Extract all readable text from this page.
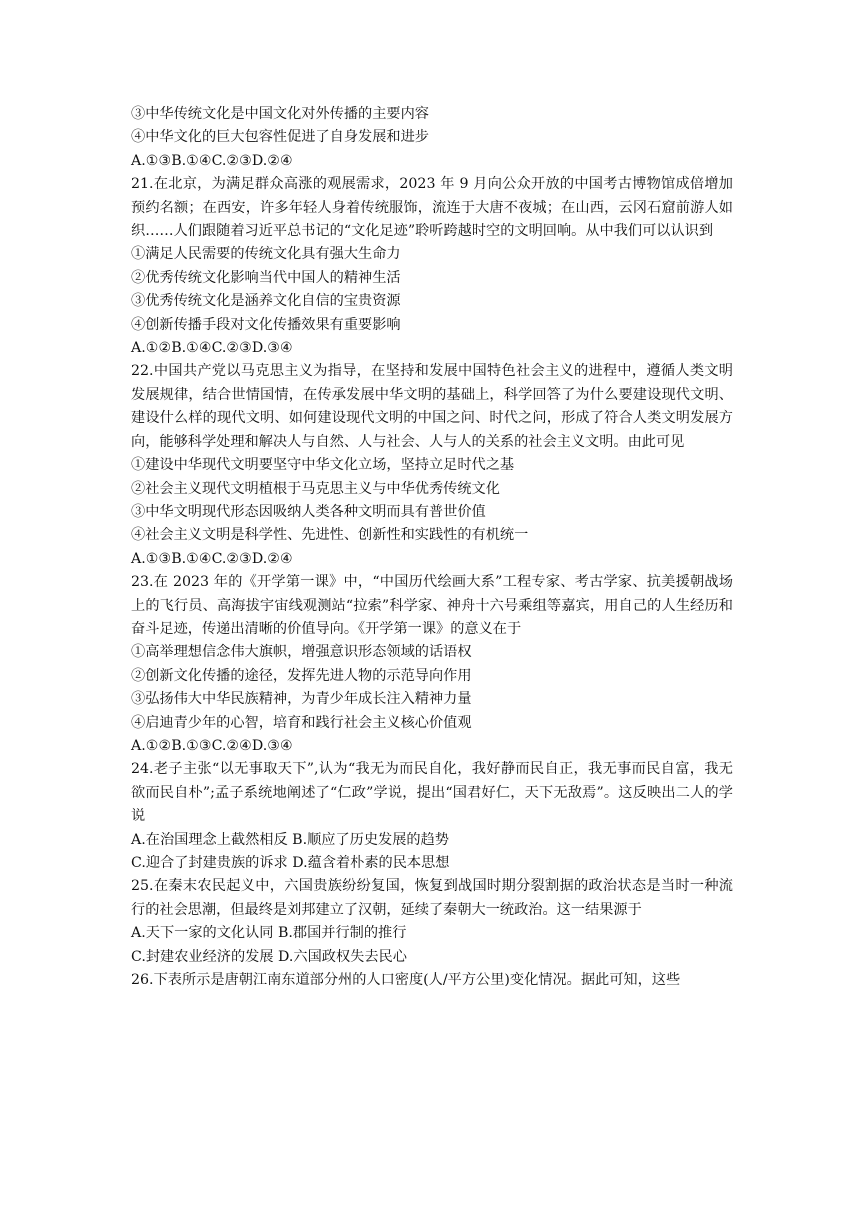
③中华传统文化是中国文化对外传播的主要内容
④中华文化的巨大包容性促进了自身发展和进步
A.①③B.①④C.②③D.②④
21.在北京，为满足群众高涨的观展需求，2023 年 9 月向公众开放的中国考古博物馆成倍增加预约名额；在西安，许多年轻人身着传统服饰，流连于大唐不夜城；在山西，云冈石窟前游人如织……人们跟随着习近平总书记的“文化足迹”聆听跨越时空的文明回响。从中我们可以认识到
①满足人民需要的传统文化具有强大生命力
②优秀传统文化影响当代中国人的精神生活
③优秀传统文化是涵养文化自信的宝贵资源
④创新传播手段对文化传播效果有重要影响
A.①②B.①④C.②③D.③④
22.中国共产党以马克思主义为指导，在坚持和发展中国特色社会主义的进程中，遵循人类文明发展规律，结合世情国情，在传承发展中华文明的基础上，科学回答了为什么要建设现代文明、建设什么样的现代文明、如何建设现代文明的中国之问、时代之问，形成了符合人类文明发展方向，能够科学处理和解决人与自然、人与社会、人与人的关系的社会主义文明。由此可见
①建设中华现代文明要坚守中华文化立场，坚持立足时代之基
②社会主义现代文明植根于马克思主义与中华优秀传统文化
③中华文明现代形态因吸纳人类各种文明而具有普世价值
④社会主义文明是科学性、先进性、创新性和实践性的有机统一
A.①③B.①④C.②③D.②④
23.在 2023 年的《开学第一课》中，“中国历代绘画大系”工程专家、考古学家、抗美援朝战场上的飞行员、高海拔宇宙线观测站“拉索”科学家、神舟十六号乘组等嘉宾，用自己的人生经历和奋斗足迹，传递出清晰的价值导向。《开学第一课》的意义在于
①高举理想信念伟大旗帜，增强意识形态领域的话语权
②创新文化传播的途径，发挥先进人物的示范导向作用
③弘扬伟大中华民族精神，为青少年成长注入精神力量
④启迪青少年的心智，培育和践行社会主义核心价值观
A.①②B.①③C.②④D.③④
24.老子主张“以无事取天下”,认为“我无为而民自化，我好静而民自正，我无事而民自富，我无欲而民自朴”;孟子系统地阐述了“仁政”学说，提出“国君好仁，天下无敌焉”。这反映出二人的学说
A.在治国理念上截然相反 B.顺应了历史发展的趋势
C.迎合了封建贵族的诉求 D.蕴含着朴素的民本思想
25.在秦末农民起义中，六国贵族纷纷复国，恢复到战国时期分裂割据的政治状态是当时一种流行的社会思潮，但最终是刘邦建立了汉朝，延续了秦朝大一统政治。这一结果源于
A.天下一家的文化认同 B.郡国并行制的推行
C.封建农业经济的发展 D.六国政权失去民心
26.下表所示是唐朝江南东道部分州的人口密度(人/平方公里)变化情况。据此可知，这些
